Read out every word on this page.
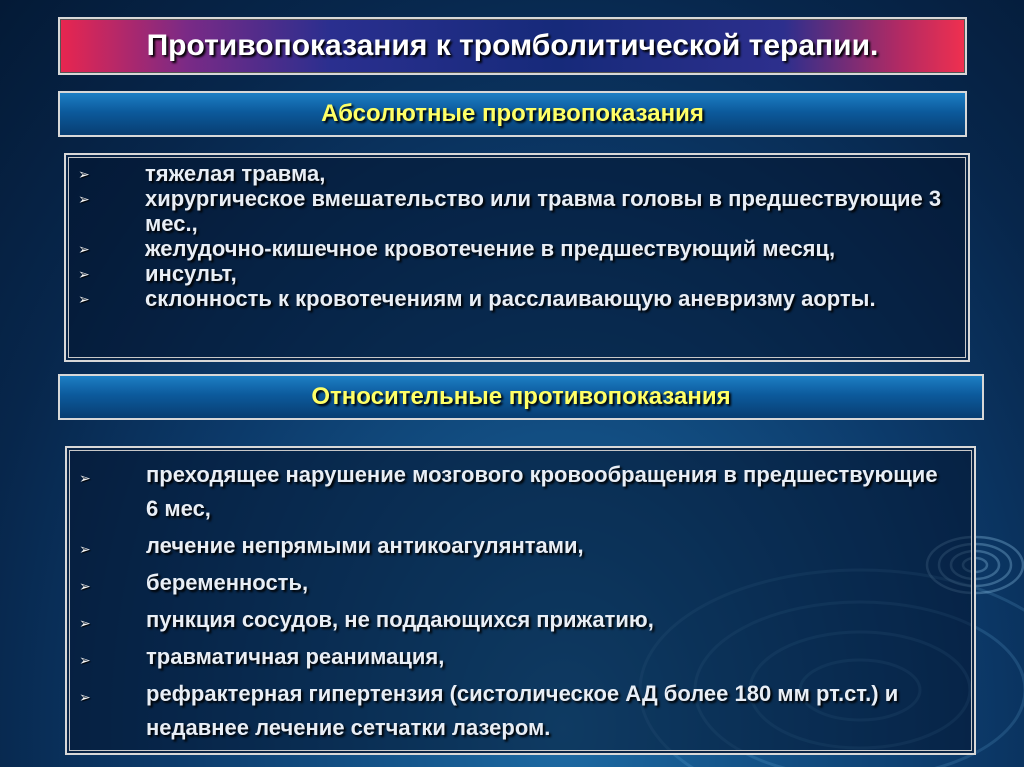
Противопоказания к тромболитической терапии.
Абсолютные противопоказания
➢	тяжелая травма,
➢	хирургическое вмешательство или травма головы в предшествующие 3 мес.,
➢	желудочно-кишечное кровотечение в предшествующий месяц,
➢	инсульт,
➢	склонность к кровотечениям и расслаивающую аневризму аорты.
Относительные противопоказания
➢	преходящее нарушение мозгового кровообращения в предшествующие 6 мес,
➢	лечение непрямыми антикоагулянтами,
➢	беременность,
➢	пункция сосудов, не поддающихся прижатию,
➢	травматичная реанимация,
➢	рефрактерная гипертензия (систолическое АД более 180 мм рт.ст.) и недавнее лечение сетчатки лазером.
